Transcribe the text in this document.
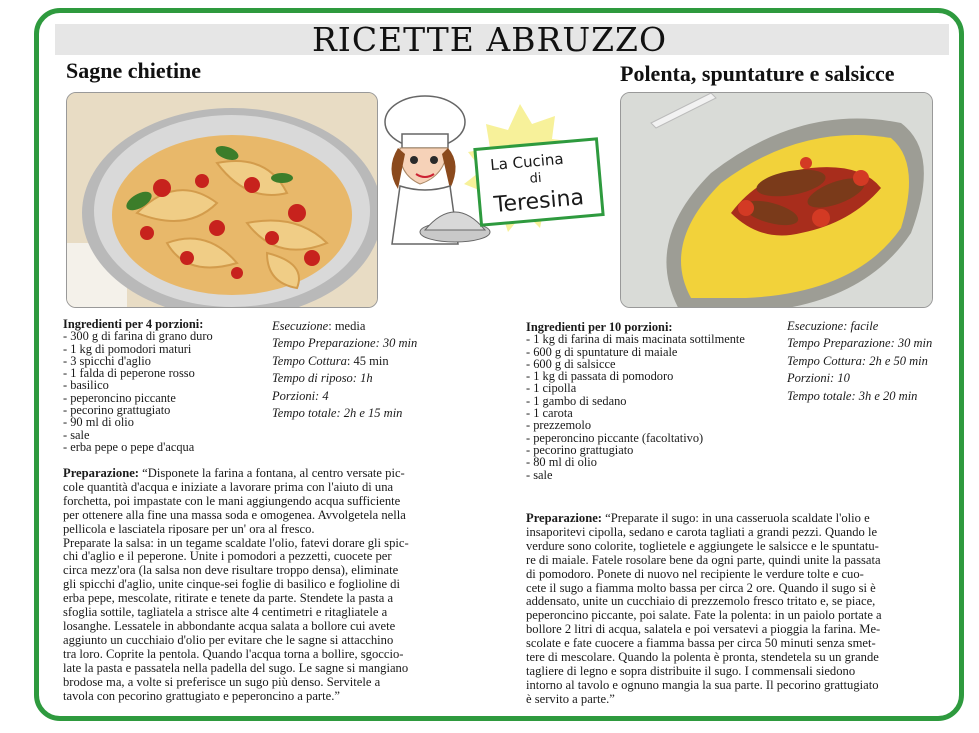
RICETTE ABRUZZO
Sagne chietine	Polenta, spuntature e salsicce
La Cucina
di
Teresina
Ingredienti per 4 porzioni:
- 300 g di farina di grano duro
- 1 kg di pomodori maturi
- 3 spicchi d'aglio
- 1 falda di peperone rosso
- basilico
- peperoncino piccante
- pecorino grattugiato
- 90 ml di olio
- sale
- erba pepe o pepe d'acqua
Esecuzione: media
Tempo Preparazione: 30 min
Tempo Cottura: 45 min
Tempo di riposo: 1h
Porzioni: 4
Tempo totale: 2h e 15 min
Preparazione: “Disponete la farina a fontana, al centro versate pic-
cole quantità d'acqua e iniziate a lavorare prima con l'aiuto di una
forchetta, poi impastate con le mani aggiungendo acqua sufficiente
per ottenere alla fine una massa soda e omogenea. Avvolgetela nella
pellicola e lasciatela riposare per un' ora al fresco.
Preparate la salsa: in un tegame scaldate l'olio, fatevi dorare gli spic-
chi d'aglio e il peperone. Unite i pomodori a pezzetti, cuocete per
circa mezz'ora (la salsa non deve risultare troppo densa), eliminate
gli spicchi d'aglio, unite cinque-sei foglie di basilico e foglioline di
erba pepe, mescolate, ritirate e tenete da parte. Stendete la pasta a
sfoglia sottile, tagliatela a strisce alte 4 centimetri e ritagliatele a
losanghe. Lessatele in abbondante acqua salata a bollore cui avete
aggiunto un cucchiaio d'olio per evitare che le sagne si attacchino
tra loro. Coprite la pentola. Quando l'acqua torna a bollire, sgoccio-
late la pasta e passatela nella padella del sugo. Le sagne si mangiano
brodose ma, a volte si preferisce un sugo più denso. Servitele a
tavola con pecorino grattugiato e peperoncino a parte.”
Ingredienti per 10 porzioni:
- 1 kg di farina di mais macinata sottilmente
- 600 g di spuntature di maiale
- 600 g di salsicce
- 1 kg di passata di pomodoro
- 1 cipolla
- 1 gambo di sedano
- 1 carota
- prezzemolo
- peperoncino piccante (facoltativo)
- pecorino grattugiato
- 80 ml di olio
- sale
Esecuzione: facile
Tempo Preparazione: 30 min
Tempo Cottura: 2h e 50 min
Porzioni: 10
Tempo totale: 3h e 20 min
Preparazione: “Preparate il sugo: in una casseruola scaldate l'olio e
insaporitevi cipolla, sedano e carota tagliati a grandi pezzi. Quando le
verdure sono colorite, toglietele e aggiungete le salsicce e le spuntatu-
re di maiale. Fatele rosolare bene da ogni parte, quindi unite la passata
di pomodoro. Ponete di nuovo nel recipiente le verdure tolte e cuo-
cete il sugo a fiamma molto bassa per circa 2 ore. Quando il sugo si è
addensato, unite un cucchiaio di prezzemolo fresco tritato e, se piace,
peperoncino piccante, poi salate. Fate la polenta: in un paiolo portate a
bollore 2 litri di acqua, salatela e poi versatevi a pioggia la farina. Me-
scolate e fate cuocere a fiamma bassa per circa 50 minuti senza smet-
tere di mescolare. Quando la polenta è pronta, stendetela su un grande
tagliere di legno e sopra distribuite il sugo. I commensali siedono
intorno al tavolo e ognuno mangia la sua parte. Il pecorino grattugiato
è servito a parte.”
